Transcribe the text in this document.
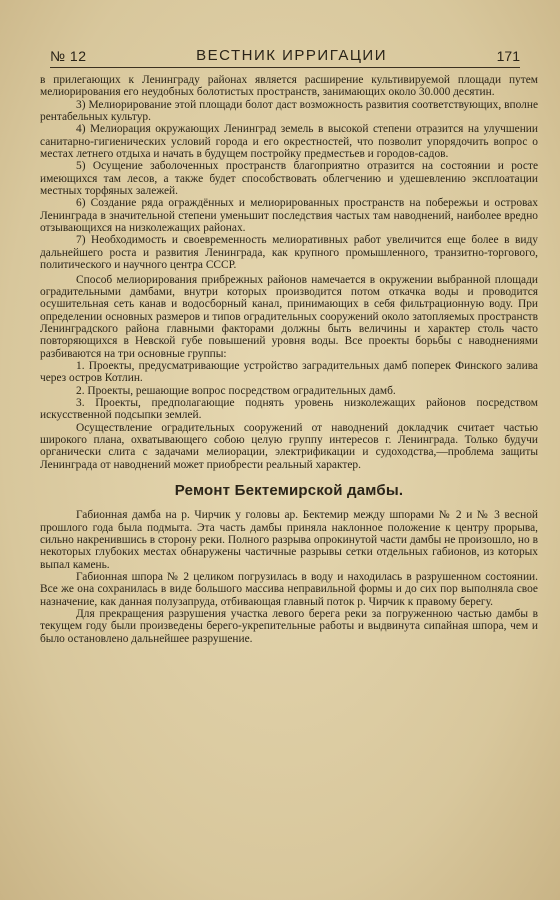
№ 12	ВЕСТНИК ИРРИГАЦИИ	171

в прилегающих к Ленинграду районах является расширение культивируемой площади путем мелиорирования его неудобных болотистых пространств, занимающих около 30.000 десятин.

3) Мелиорирование этой площади болот даст возможность развития соответствующих, вполне рентабельных культур.

4) Мелиорация окружающих Ленинград земель в высокой степени отразится на улучшении санитарно-гигиенических условий города и его окрестностей, что позволит упорядочить вопрос о местах летнего отдыха и начать в будущем постройку предместьев и городов-садов.

5) Осущение заболоченных пространств благоприятно отразится на состоянии и росте имеющихся там лесов, а также будет способствовать облегчению и удешевлению эксплоатации местных торфяных залежей.

6) Создание ряда ограждённых и мелиорированных пространств на побережьи и островах Ленинграда в значительной степени уменьшит последствия частых там наводнений, наиболее вредно отзывающихся на низколежащих районах.

7) Необходимость и своевременность мелиоративных работ увеличится еще более в виду дальнейшего роста и развития Ленинграда, как крупного промышленного, транзитно-торгового, политического и научного центра СССР.

Способ мелиорирования прибрежных районов намечается в окружении выбранной площади оградительными дамбами, внутри которых производится потом откачка воды и проводится осушительная сеть канав и водосборный канал, принимающих в себя фильтрационную воду. При определении основных размеров и типов оградительных сооружений около затопляемых пространств Ленинградского района главными факторами должны быть величины и характер столь часто повторяющихся в Невской губе повышений уровня воды. Все проекты борьбы с наводнениями разбиваются на три основные группы:

1. Проекты, предусматривающие устройство заградительных дамб поперек Финского залива через остров Котлин.

2. Проекты, решающие вопрос посредством оградительных дамб.

3. Проекты, предполагающие поднять уровень низколежащих районов посредством искусственной подсыпки землей.

Осуществление оградительных сооружений от наводнений докладчик считает частью широкого плана, охватывающего собою целую группу интересов г. Ленинграда. Только будучи органически слита с задачами мелиорации, электрификации и судоходства,—проблема защиты Ленинграда от наводнений может приобрести реальный характер.

Ремонт Бектемирской дамбы.

Габионная дамба на р. Чирчик у головы ар. Бектемир между шпорами № 2 и № 3 весной прошлого года была подмыта. Эта часть дамбы приняла наклонное положение к центру прорыва, сильно накренившись в сторону реки. Полного разрыва опрокинутой части дамбы не произошло, но в некоторых глубоких местах обнаружены частичные разрывы сетки отдельных габионов, из которых выпал камень.

Габионная шпора № 2 целиком погрузилась в воду и находилась в разрушенном состоянии. Все же она сохранилась в виде большого массива неправильной формы и до сих пор выполняла свое назначение, как данная полузапруда, отбивающая главный поток р. Чирчик к правому берегу.

Для прекращения разрушения участка левого берега реки за погруженною частью дамбы в текущем году были произведены берего-укрепительные работы и выдвинута сипайная шпора, чем и было остановлено дальнейшее разрушение.
